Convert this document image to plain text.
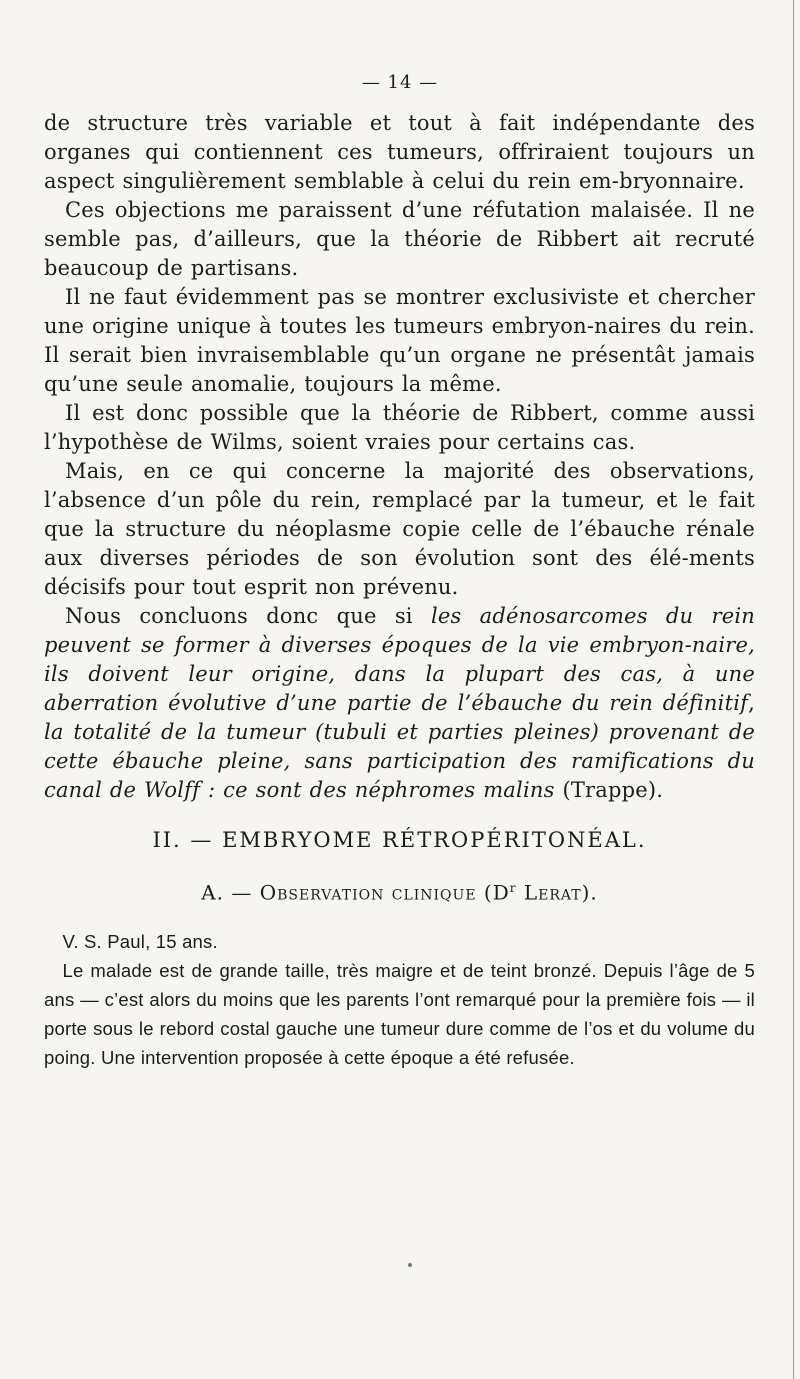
— 14 —

de structure très variable et tout à fait indépendante des organes qui contiennent ces tumeurs, offriraient toujours un aspect singulièrement semblable à celui du rein em-bryonnaire.

Ces objections me paraissent d’une réfutation malaisée. Il ne semble pas, d’ailleurs, que la théorie de Ribbert ait recruté beaucoup de partisans.

Il ne faut évidemment pas se montrer exclusiviste et chercher une origine unique à toutes les tumeurs embryon-naires du rein. Il serait bien invraisemblable qu’un organe ne présentât jamais qu’une seule anomalie, toujours la même.

Il est donc possible que la théorie de Ribbert, comme aussi l’hypothèse de Wilms, soient vraies pour certains cas.

Mais, en ce qui concerne la majorité des observations, l’absence d’un pôle du rein, remplacé par la tumeur, et le fait que la structure du néoplasme copie celle de l’ébauche rénale aux diverses périodes de son évolution sont des élé-ments décisifs pour tout esprit non prévenu.

Nous concluons donc que si les adénosarcomes du rein peuvent se former à diverses époques de la vie embryon-naire, ils doivent leur origine, dans la plupart des cas, à une aberration évolutive d’une partie de l’ébauche du rein définitif, la totalité de la tumeur (tubuli et parties pleines) provenant de cette ébauche pleine, sans participation des ramifications du canal de Wolff : ce sont des néphromes malins (Trappe).

II. — EMBRYOME RÉTROPÉRITONÉAL.
A. — Observation clinique ($D^r$ Lerat).

V. S. Paul, 15 ans.

Le malade est de grande taille, très maigre et de teint bronzé. Depuis l’âge de 5 ans — c’est alors du moins que les parents l’ont remarqué pour la première fois — il porte sous le rebord costal gauche une tumeur dure comme de l’os et du volume du poing. Une intervention proposée à cette époque a été refusée.
